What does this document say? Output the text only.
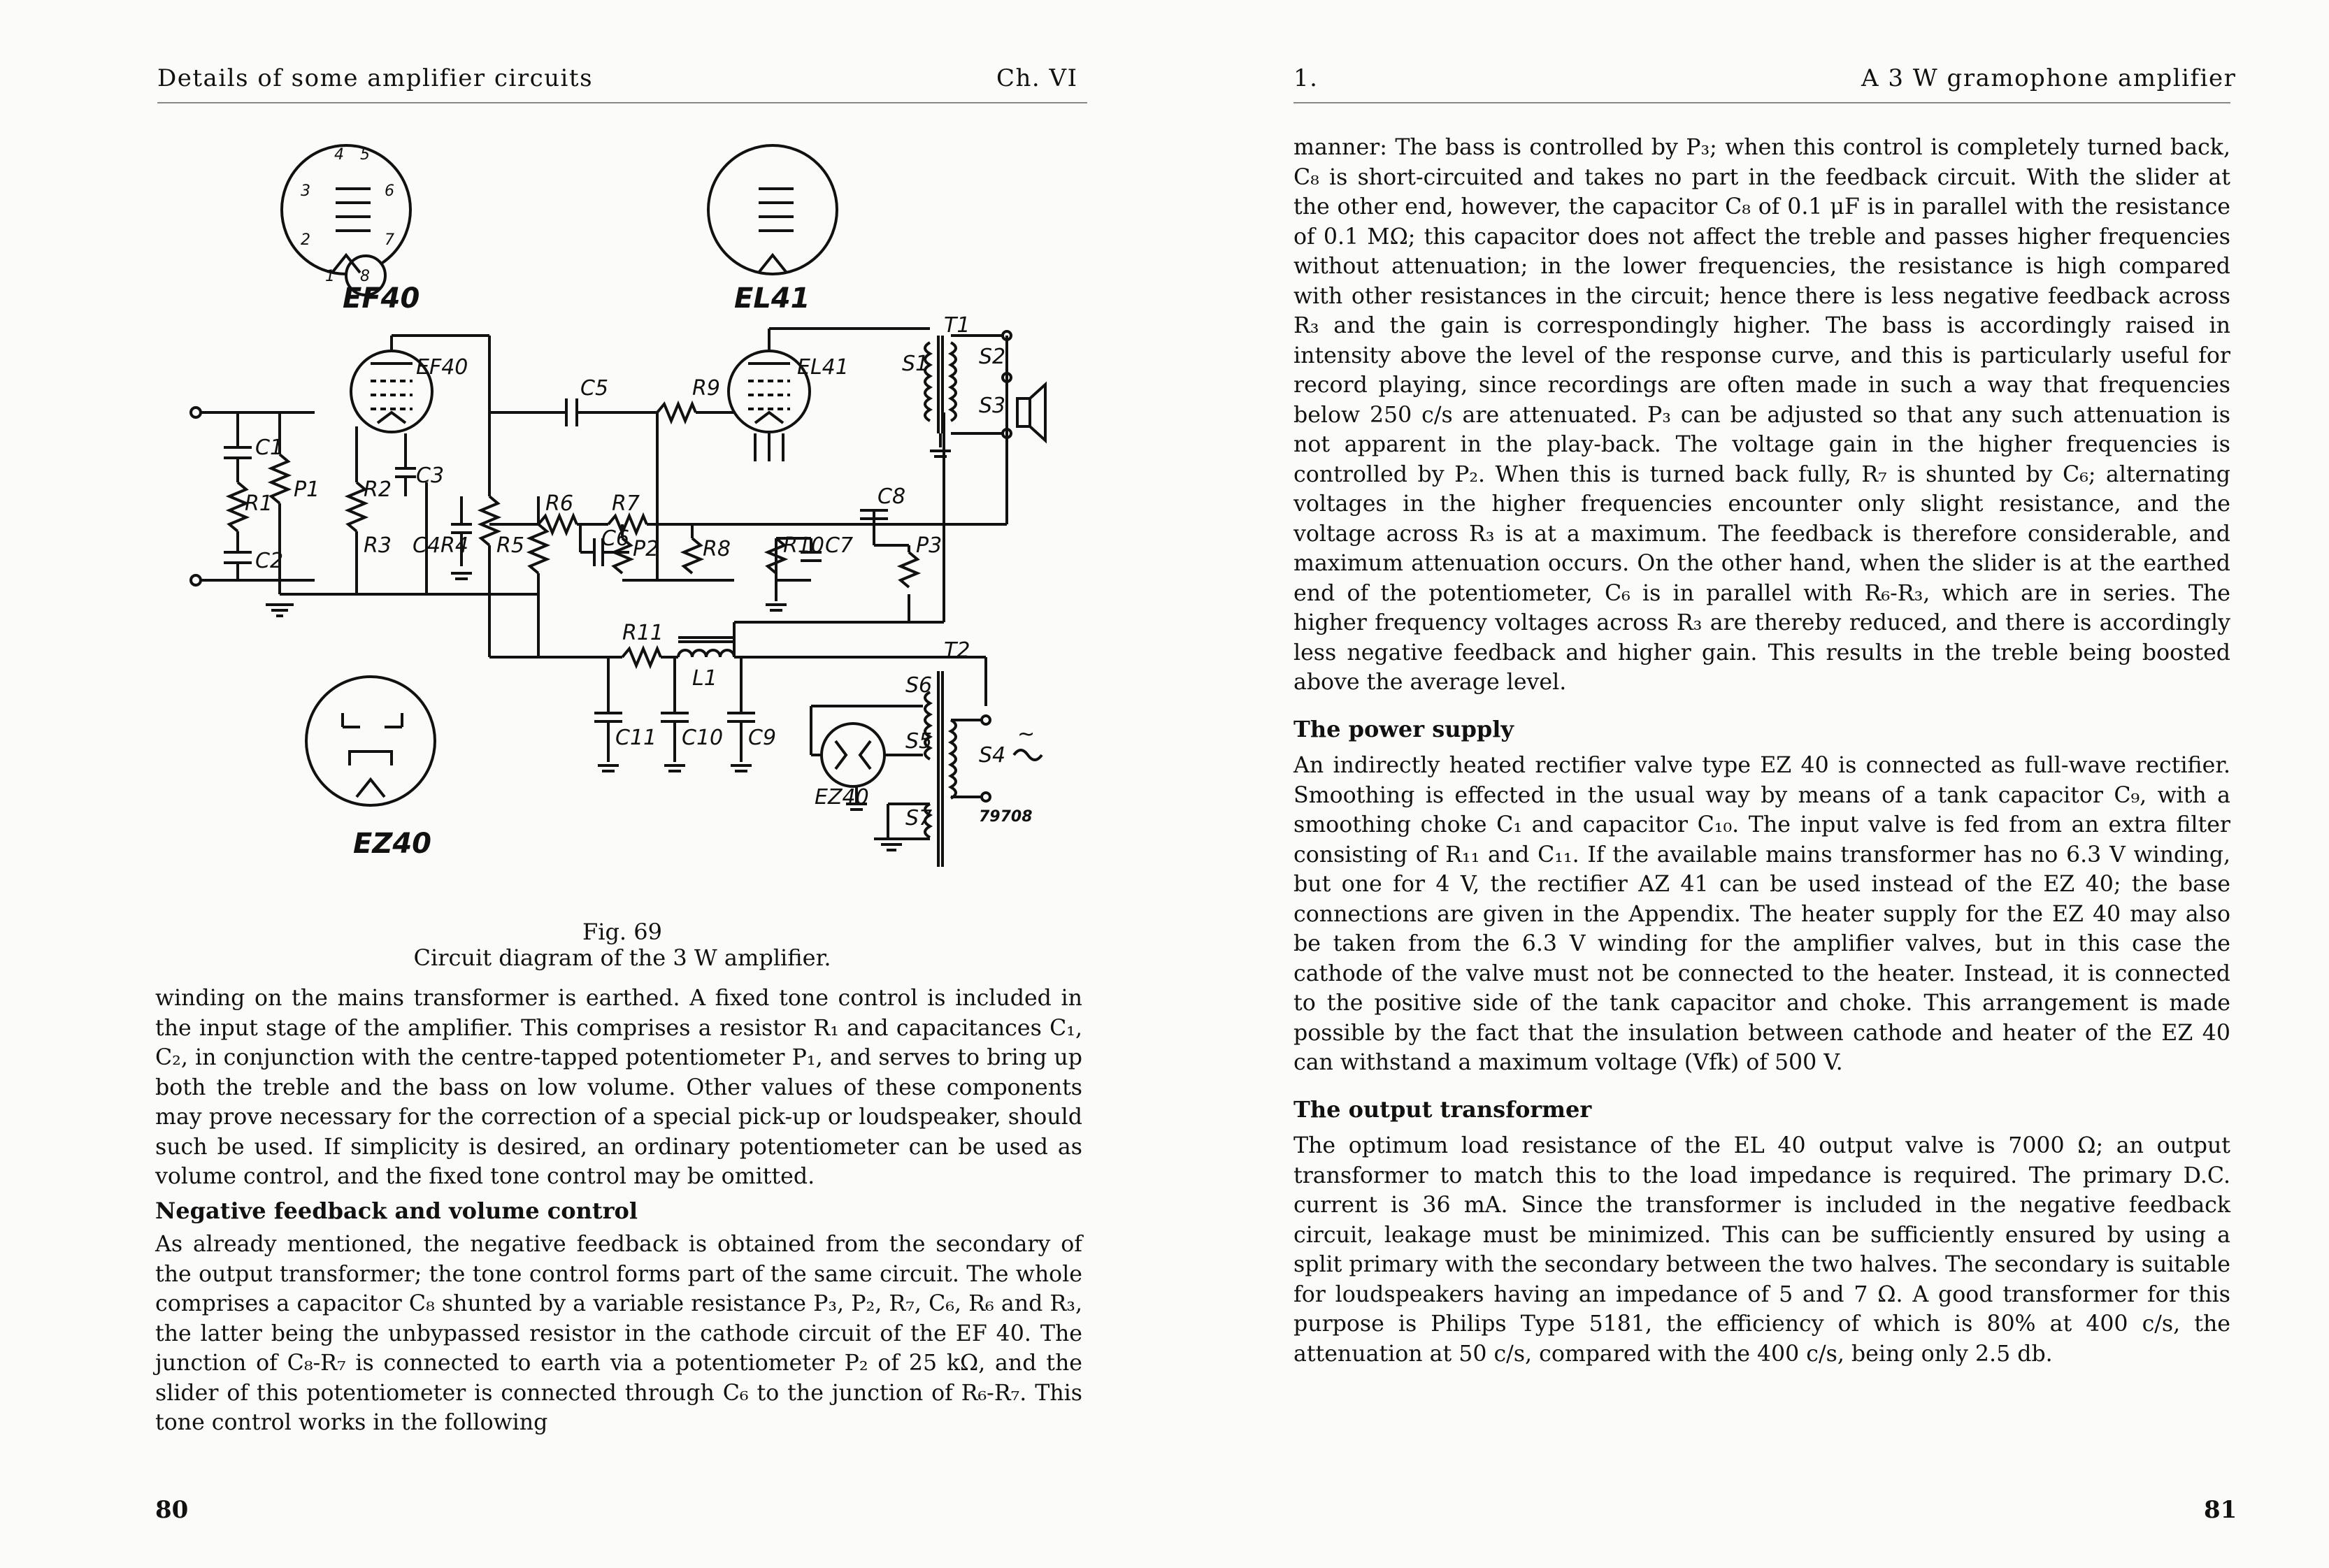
Details of some amplifier circuits	Ch. VI
EF40	EL41
EZ40
EF40	EL41
EZ40
C1
C2
R1
P1 R2
C3
R3 C4 R4 R5
C5
R6 R7
C6 P2 R8
R9
R10 C7
C8
P3
R11
L1
C11 C10 C9
T1
S1 S2
S3
T2
S6
S5
S4
S7
~
79708
4 5
6
7
8
1
2
3
Fig. 69
Circuit diagram of the 3 W amplifier.

winding on the mains transformer is earthed. A fixed tone control is included in the input stage of the amplifier. This comprises a resistor R₁ and capacitances C₁, C₂, in conjunction with the centre-tapped potentiometer P₁, and serves to bring up both the treble and the bass on low volume. Other values of these components may prove necessary for the correction of a special pick-up or loudspeaker, should such be used. If simplicity is desired, an ordinary potentiometer can be used as volume control, and the fixed tone control may be omitted.

Negative feedback and volume control

As already mentioned, the negative feedback is obtained from the secondary of the output transformer; the tone control forms part of the same circuit. The whole comprises a capacitor C₈ shunted by a variable resistance P₃, P₂, R₇, C₆, R₆ and R₃, the latter being the unbypassed resistor in the cathode circuit of the EF 40. The junction of C₈-R₇ is connected to earth via a potentiometer P₂ of 25 kΩ, and the slider of this potentiometer is connected through C₆ to the junction of R₆-R₇. This tone control works in the following

80
1.	A 3 W gramophone amplifier

manner: The bass is controlled by P₃; when this control is completely turned back, C₈ is short-circuited and takes no part in the feedback circuit. With the slider at the other end, however, the capacitor C₈ of 0.1 μF is in parallel with the resistance of 0.1 MΩ; this capacitor does not affect the treble and passes higher frequencies without attenuation; in the lower frequencies, the resistance is high compared with other resistances in the circuit; hence there is less negative feedback across R₃ and the gain is correspondingly higher. The bass is accordingly raised in intensity above the level of the response curve, and this is particularly useful for record playing, since recordings are often made in such a way that frequencies below 250 c/s are attenuated. P₃ can be adjusted so that any such attenuation is not apparent in the play-back. The voltage gain in the higher frequencies is controlled by P₂. When this is turned back fully, R₇ is shunted by C₆; alternating voltages in the higher frequencies encounter only slight resistance, and the voltage across R₃ is at a maximum. The feedback is therefore considerable, and maximum attenuation occurs. On the other hand, when the slider is at the earthed end of the potentiometer, C₆ is in parallel with R₆-R₃, which are in series. The higher frequency voltages across R₃ are thereby reduced, and there is accordingly less negative feedback and higher gain. This results in the treble being boosted above the average level.

The power supply

An indirectly heated rectifier valve type EZ 40 is connected as full-wave rectifier. Smoothing is effected in the usual way by means of a tank capacitor C₉, with a smoothing choke C₁ and capacitor C₁₀. The input valve is fed from an extra filter consisting of R₁₁ and C₁₁. If the available mains transformer has no 6.3 V winding, but one for 4 V, the rectifier AZ 41 can be used instead of the EZ 40; the base connections are given in the Appendix. The heater supply for the EZ 40 may also be taken from the 6.3 V winding for the amplifier valves, but in this case the cathode of the valve must not be connected to the heater. Instead, it is connected to the positive side of the tank capacitor and choke. This arrangement is made possible by the fact that the insulation between cathode and heater of the EZ 40 can withstand a maximum voltage (Vfk) of 500 V.

The output transformer

The optimum load resistance of the EL 40 output valve is 7000 Ω; an output transformer to match this to the load impedance is required. The primary D.C. current is 36 mA. Since the transformer is included in the negative feedback circuit, leakage must be minimized. This can be sufficiently ensured by using a split primary with the secondary between the two halves. The secondary is suitable for loudspeakers having an impedance of 5 and 7 Ω. A good transformer for this purpose is Philips Type 5181, the efficiency of which is 80% at 400 c/s, the attenuation at 50 c/s, compared with the 400 c/s, being only 2.5 db.

81
